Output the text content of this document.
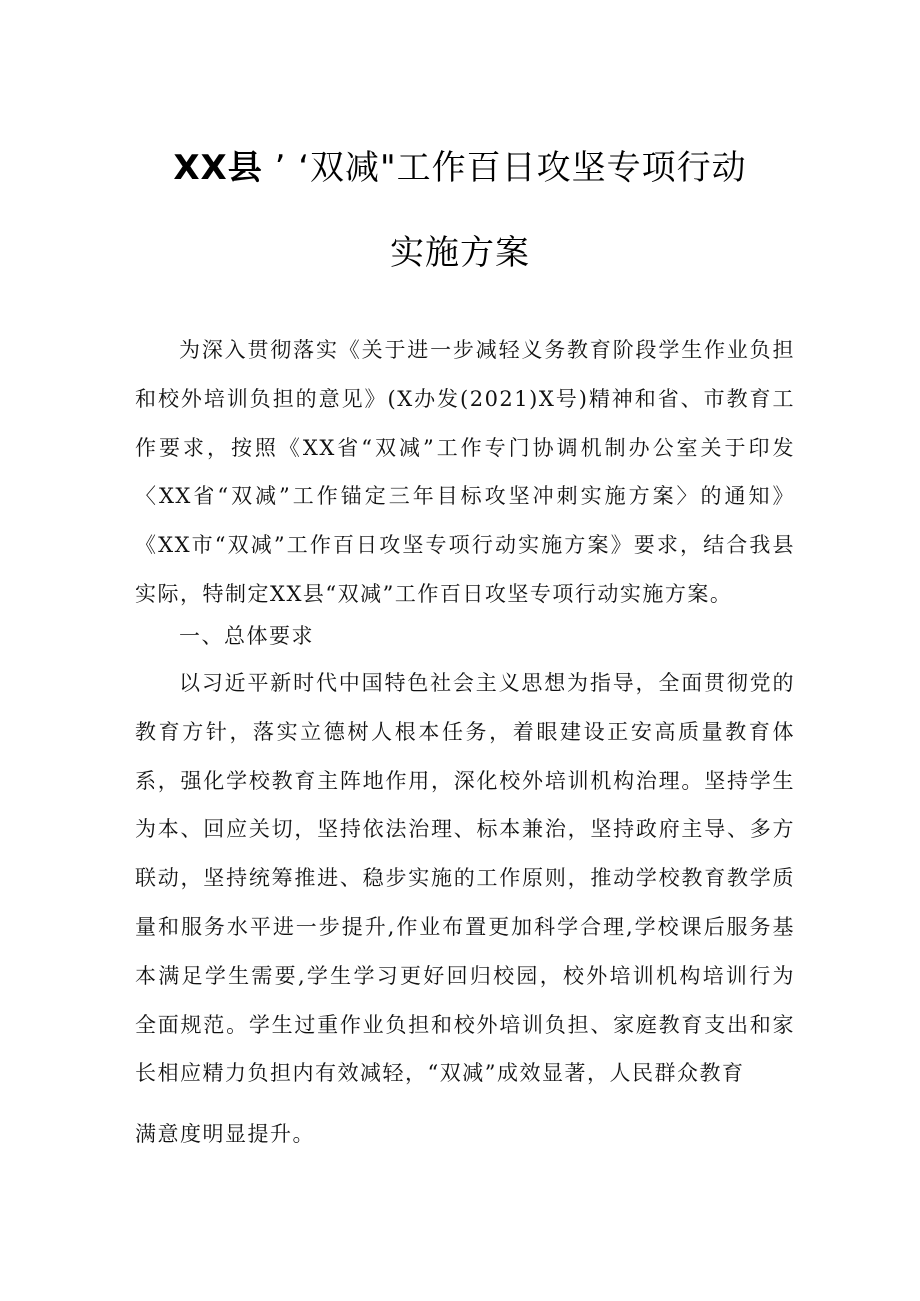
XX县 ’ ‘双减"工作百日攻坚专项行动
实施方案

为深入贯彻落实《关于进一步减轻义务教育阶段学生作业负担和校外培训负担的意见》(X办发(2021)X号)精神和省、市教育工作要求，按照《XX省“双减”工作专门协调机制办公室关于印发〈XX省“双减”工作锚定三年目标攻坚冲刺实施方案〉的通知》《XX市“双减”工作百日攻坚专项行动实施方案》要求，结合我县实际，特制定XX县“双减”工作百日攻坚专项行动实施方案。

一、总体要求

以习近平新时代中国特色社会主义思想为指导，全面贯彻党的教育方针，落实立德树人根本任务，着眼建设正安高质量教育体系，强化学校教育主阵地作用，深化校外培训机构治理。坚持学生为本、回应关切，坚持依法治理、标本兼治，坚持政府主导、多方联动，坚持统筹推进、稳步实施的工作原则，推动学校教育教学质量和服务水平进一步提升,作业布置更加科学合理,学校课后服务基本满足学生需要,学生学习更好回归校园，校外培训机构培训行为全面规范。学生过重作业负担和校外培训负担、家庭教育支出和家长相应精力负担内有效减轻，“双减”成效显著，人民群众教育

满意度明显提升。
